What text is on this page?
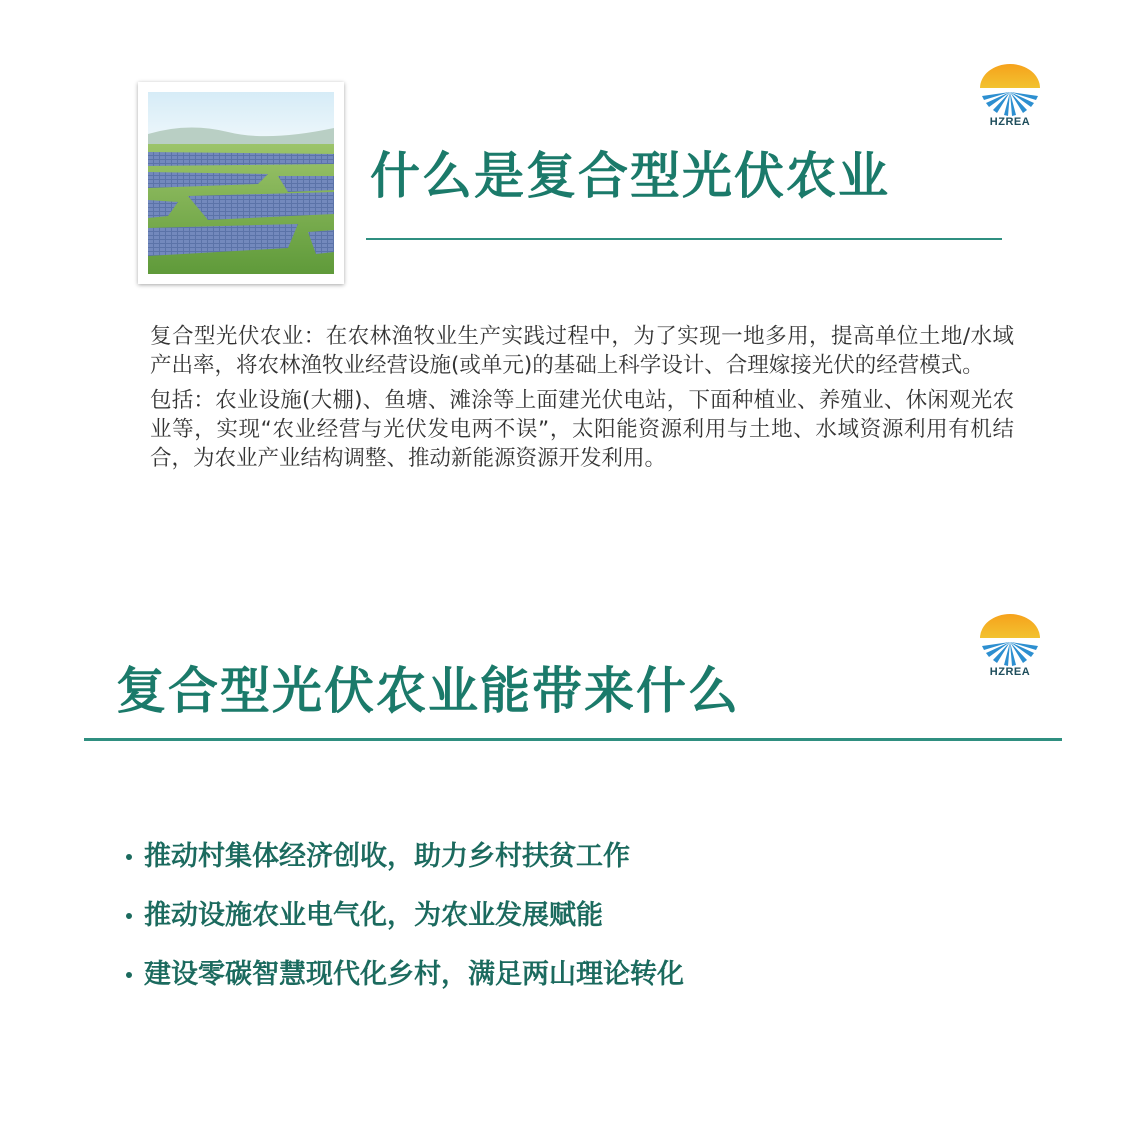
HZREA
什么是复合型光伏农业

复合型光伏农业：在农林渔牧业生产实践过程中，为了实现一地多用，提高单位土地/水域产出率，将农林渔牧业经营设施(或单元)的基础上科学设计、合理嫁接光伏的经营模式。

包括：农业设施(大棚)、鱼塘、滩涂等上面建光伏电站，下面种植业、养殖业、休闲观光农业等，实现“农业经营与光伏发电两不误”，太阳能资源利用与土地、水域资源利用有机结合，为农业产业结构调整、推动新能源资源开发利用。

HZREA
复合型光伏农业能带来什么
推动村集体经济创收，助力乡村扶贫工作
推动设施农业电气化，为农业发展赋能
建设零碳智慧现代化乡村，满足两山理论转化
